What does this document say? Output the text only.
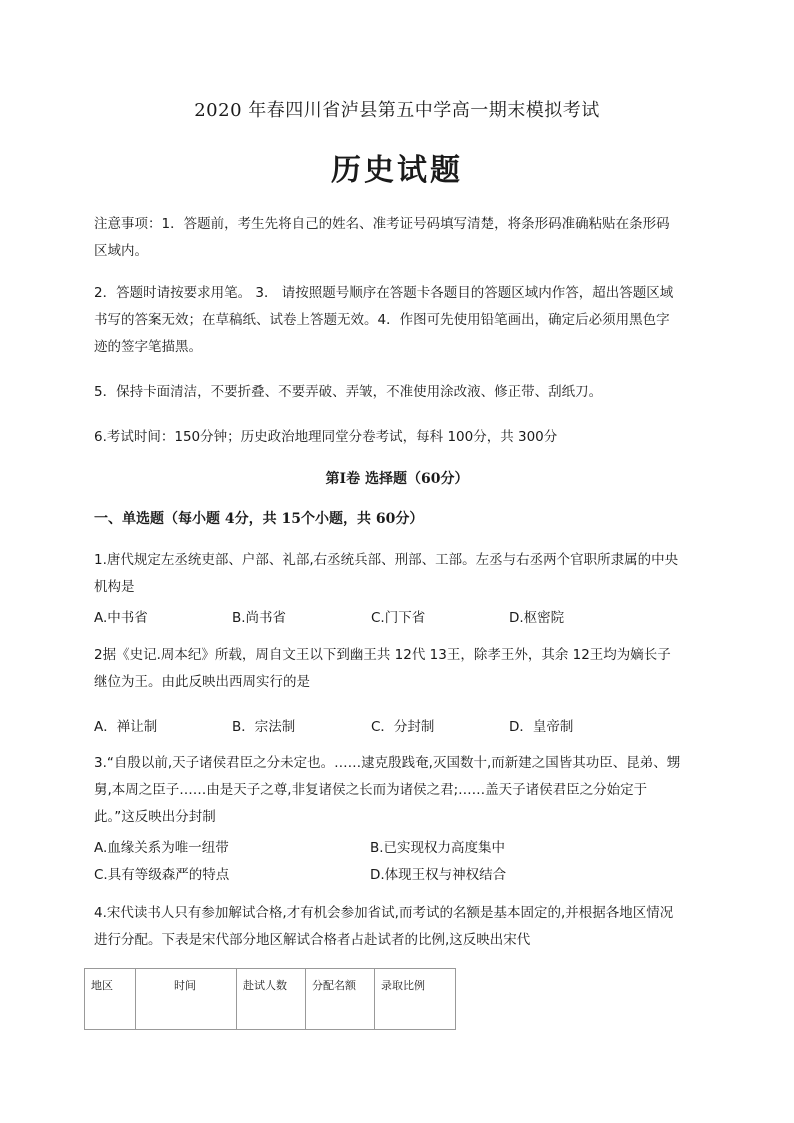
2020 年春四川省泸县第五中学高一期末模拟考试
历史试题
注意事项：1．答题前，考生先将自己的姓名、准考证号码填写清楚，将条形码准确粘贴在条形码
区域内。
2．答题时请按要求用笔。 3． 请按照题号顺序在答题卡各题目的答题区域内作答，超出答题区域
书写的答案无效；在草稿纸、试卷上答题无效。4．作图可先使用铅笔画出，确定后必须用黑色字
迹的签字笔描黑。
5．保持卡面清洁，不要折叠、不要弄破、弄皱，不准使用涂改液、修正带、刮纸刀。
6.考试时间：150分钟；历史政治地理同堂分卷考试，每科 100分，共 300分
第Ⅰ卷 选择题（60分）
一、单选题（每小题 4分，共 15个小题，共 60分）
1.唐代规定左丞统吏部、户部、礼部,右丞统兵部、刑部、工部。左丞与右丞两个官职所隶属的中央
机构是
A.中书省	B.尚书省	C.门下省	D.枢密院
2据《史记.周本纪》所载，周自文王以下到幽王共 12代 13王，除孝王外，其余 12王均为嫡长子
继位为王。由此反映出西周实行的是
A．禅让制	B．宗法制	C．分封制	D．皇帝制
3.“自殷以前,天子诸侯君臣之分未定也。……逮克殷践奄,灭国数十,而新建之国皆其功臣、昆弟、甥
舅,本周之臣子……由是天子之尊,非复诸侯之长而为诸侯之君;……盖天子诸侯君臣之分始定于
此。”这反映出分封制
A.血缘关系为唯一纽带	B.已实现权力高度集中
C.具有等级森严的特点	D.体现王权与神权结合
4.宋代读书人只有参加解试合格,才有机会参加省试,而考试的名额是基本固定的,并根据各地区情况
进行分配。下表是宋代部分地区解试合格者占赴试者的比例,这反映出宋代
地区	时间	赴试人数	分配名额	录取比例
